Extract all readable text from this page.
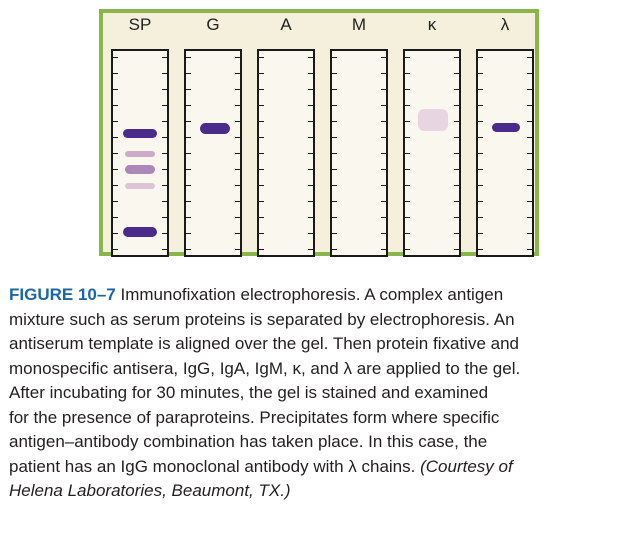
SP	G	A	M	κ	λ
FIGURE 10–7 Immunofixation electrophoresis. A complex antigen
mixture such as serum proteins is separated by electrophoresis. An
antiserum template is aligned over the gel. Then protein fixative and
monospecific antisera, IgG, IgA, IgM, κ, and λ are applied to the gel.
After incubating for 30 minutes, the gel is stained and examined
for the presence of paraproteins. Precipitates form where specific
antigen–antibody combination has taken place. In this case, the
patient has an IgG monoclonal antibody with λ chains. (Courtesy of
Helena Laboratories, Beaumont, TX.)
